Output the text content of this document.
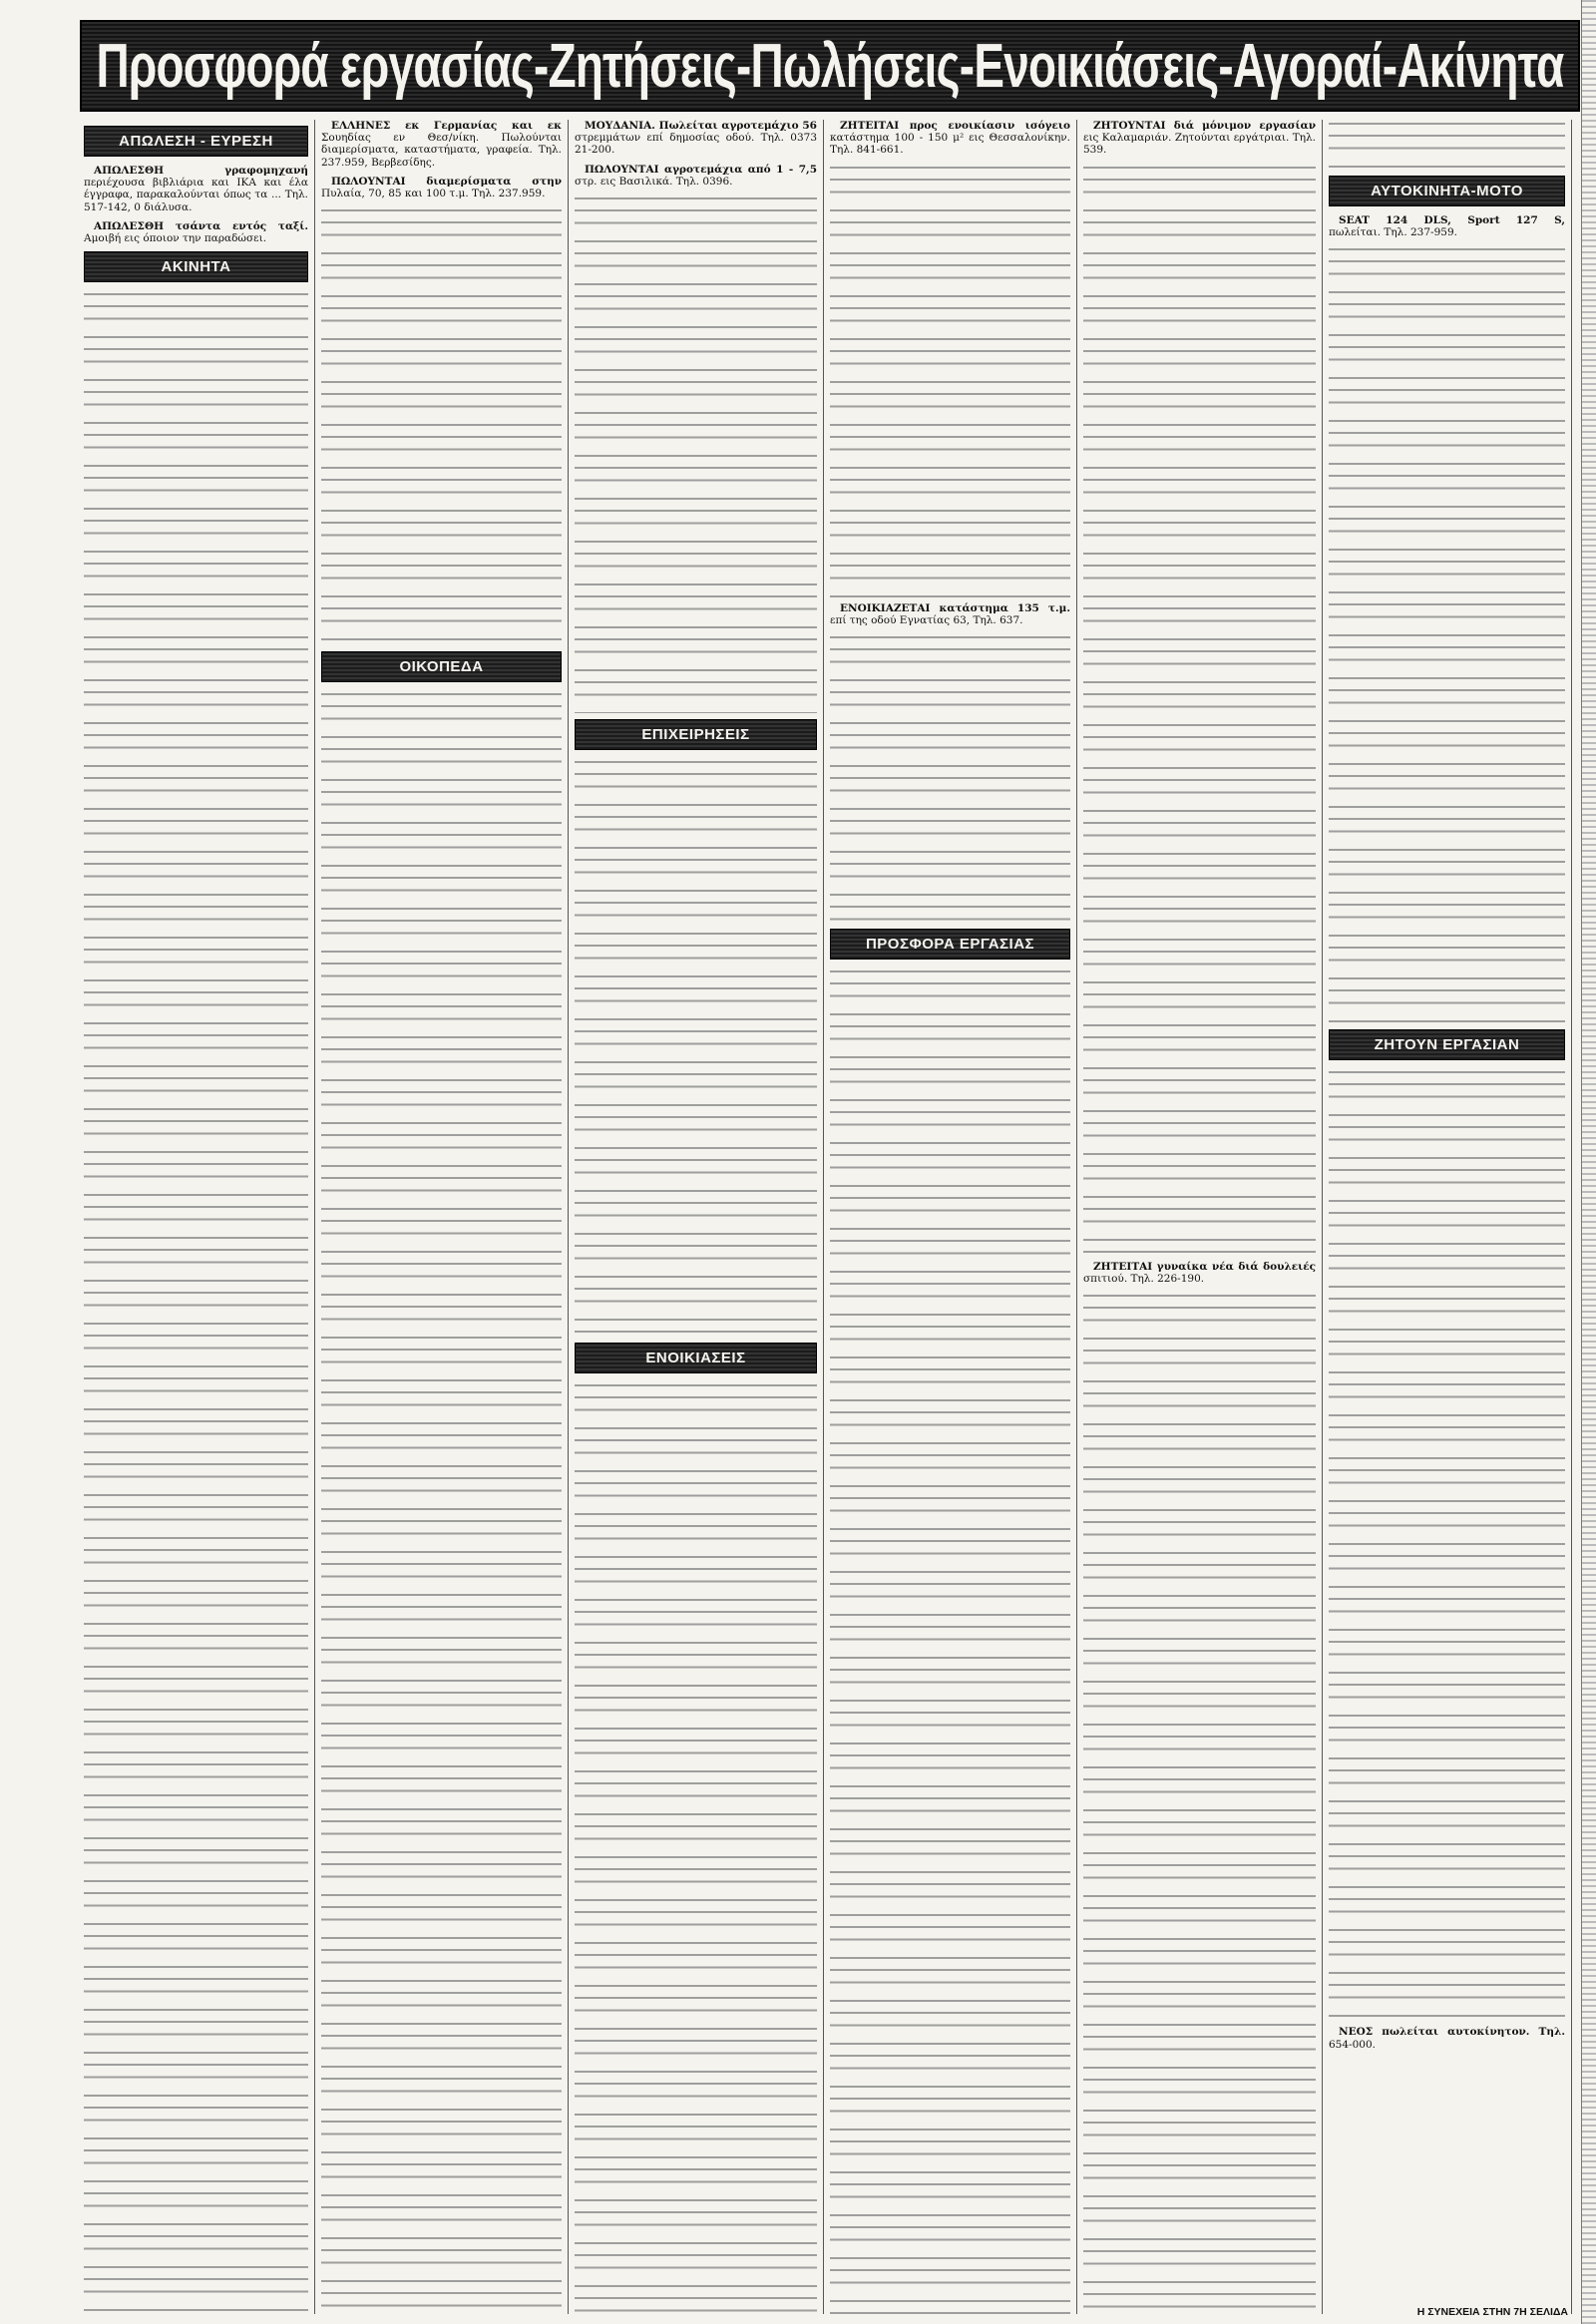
Προσφορά εργασίας-Ζητήσεις-Πωλήσεις-Ενοικιάσεις-Αγοραί-Ακίνητα
ΑΠΩΛΕΣΗ - ΕΥΡΕΣΗ

ΑΠΩΛΕΣΘΗ γραφομηχανή περιέχουσα βιβλιάρια και ΙΚΑ και έλα έγγραφα, παρακαλούνται όπως τα ... Τηλ. 517-142, 0 διάλυσα.

ΑΠΩΛΕΣΘΗ τσάντα εντός ταξί. Αμοιβή εις όποιον την παραδώσει.

ΑΚΙΝΗΤΑ

ΕΛΛΗΝΕΣ εκ Γερμανίας και εκ Σουηδίας εν Θεσ/νίκη. Πωλούνται διαμερίσματα, καταστήματα, γραφεία. Τηλ. 237.959, Βερβεσίδης.

ΠΩΛΟΥΝΤΑΙ διαμερίσματα στην Πυλαία, 70, 85 και 100 τ.μ. Τηλ. 237.959.

ΟΙΚΟΠΕΔΑ

ΜΟΥΔΑΝΙΑ. Πωλείται αγροτεμάχιο 56 στρεμμάτων επί δημοσίας οδού. Τηλ. 0373 21-200.

ΠΩΛΟΥΝΤΑΙ αγροτεμάχια από 1 - 7,5 στρ. εις Βασιλικά. Τηλ. 0396.

ΕΠΙΧΕΙΡΗΣΕΙΣ
ΕΝΟΙΚΙΑΣΕΙΣ

ΖΗΤΕΙΤΑΙ προς ενοικίασιν ισόγειο κατάστημα 100 - 150 μ² εις Θεσσαλονίκην. Τηλ. 841-661.

ΕΝΟΙΚΙΑΖΕΤΑΙ κατάστημα 135 τ.μ. επί της οδού Εγνατίας 63, Τηλ. 637.

ΠΡΟΣΦΟΡΑ ΕΡΓΑΣΙΑΣ

ΖΗΤΟΥΝΤΑΙ διά μόνιμον εργασίαν εις Καλαμαριάν. Ζητούνται εργάτριαι. Τηλ. 539.

ΖΗΤΕΙΤΑΙ γυναίκα νέα διά δουλειές σπιτιού. Τηλ. 226-190.

ΑΥΤΟΚΙΝΗΤΑ-ΜΟΤΟ

SEAT 124 DLS, Sport 127 S, πωλείται. Τηλ. 237-959.

ΖΗΤΟΥΝ ΕΡΓΑΣΙΑΝ

ΝΕΟΣ πωλείται αυτοκίνητον. Τηλ. 654-000.

Η ΣΥΝΕΧΕΙΑ ΣΤΗΝ 7Η ΣΕΛΙΔΑ
